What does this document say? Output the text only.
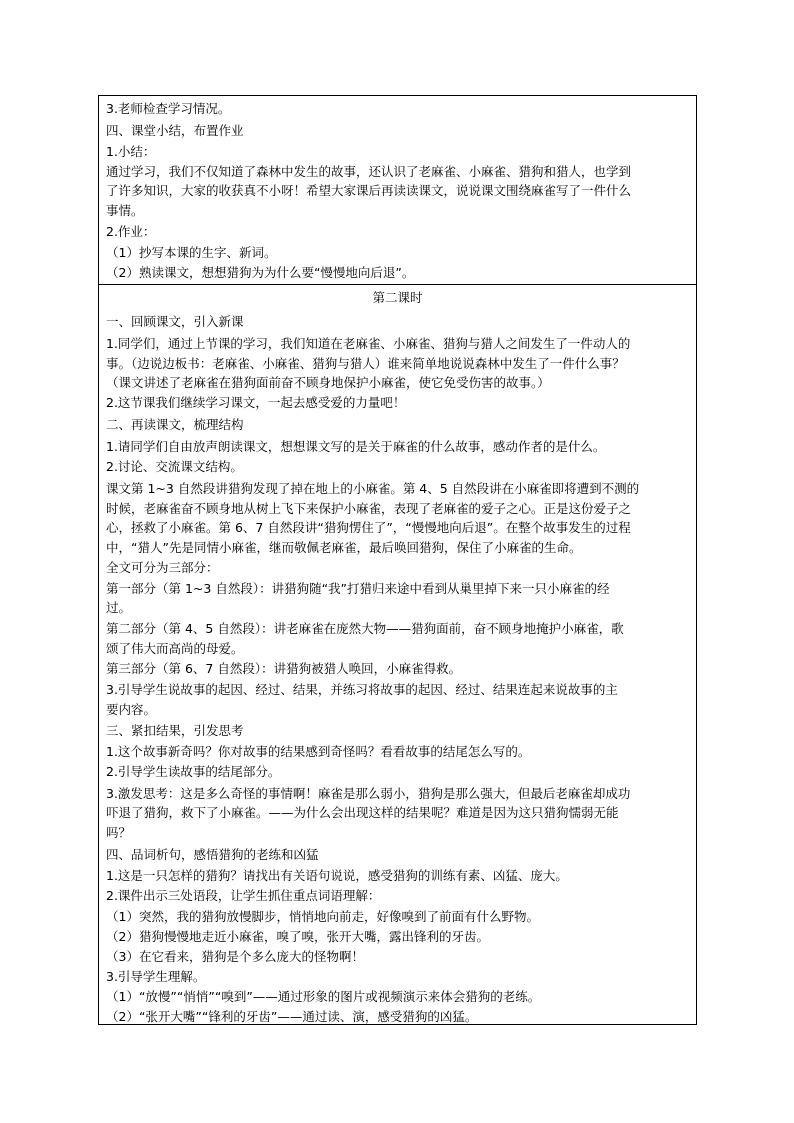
3.老师检查学习情况。
四、课堂小结，布置作业
1.小结：
通过学习，我们不仅知道了森林中发生的故事，还认识了老麻雀、小麻雀、猎狗和猎人，也学到
了许多知识，大家的收获真不小呀！希望大家课后再读读课文，说说课文围绕麻雀写了一件什么
事情。
2.作业：
（1）抄写本课的生字、新词。
（2）熟读课文，想想猎狗为为什么要“慢慢地向后退”。
第二课时
一、回顾课文，引入新课
1.同学们，通过上节课的学习，我们知道在老麻雀、小麻雀、猎狗与猎人之间发生了一件动人的
事。（边说边板书：老麻雀、小麻雀、猎狗与猎人）谁来简单地说说森林中发生了一件什么事？
（课文讲述了老麻雀在猎狗面前奋不顾身地保护小麻雀，使它免受伤害的故事。）
2.这节课我们继续学习课文，一起去感受爱的力量吧！
二、再读课文，梳理结构
1.请同学们自由放声朗读课文，想想课文写的是关于麻雀的什么故事，感动作者的是什么。
2.讨论、交流课文结构。
课文第 1~3 自然段讲猎狗发现了掉在地上的小麻雀。第 4、5 自然段讲在小麻雀即将遭到不测的
时候，老麻雀奋不顾身地从树上飞下来保护小麻雀，表现了老麻雀的爱子之心。正是这份爱子之
心，拯救了小麻雀。第 6、7 自然段讲“猎狗愣住了”，“慢慢地向后退”。在整个故事发生的过程
中，“猎人”先是同情小麻雀，继而敬佩老麻雀，最后唤回猎狗，保住了小麻雀的生命。
全文可分为三部分：
第一部分（第 1~3 自然段）：讲猎狗随“我”打猎归来途中看到从巢里掉下来一只小麻雀的经
过。
第二部分（第 4、5 自然段）：讲老麻雀在庞然大物——猎狗面前，奋不顾身地掩护小麻雀，歌
颂了伟大而高尚的母爱。
第三部分（第 6、7 自然段）：讲猎狗被猎人唤回，小麻雀得救。
3.引导学生说故事的起因、经过、结果，并练习将故事的起因、经过、结果连起来说故事的主
要内容。
三、紧扣结果，引发思考
1.这个故事新奇吗？你对故事的结果感到奇怪吗？看看故事的结尾怎么写的。
2.引导学生读故事的结尾部分。
3.激发思考：这是多么奇怪的事情啊！麻雀是那么弱小，猎狗是那么强大，但最后老麻雀却成功
吓退了猎狗，救下了小麻雀。——为什么会出现这样的结果呢？难道是因为这只猎狗懦弱无能
吗？
四、品词析句，感悟猎狗的老练和凶猛
1.这是一只怎样的猎狗？请找出有关语句说说，感受猎狗的训练有素、凶猛、庞大。
2.课件出示三处语段，让学生抓住重点词语理解：
（1）突然，我的猎狗放慢脚步，悄悄地向前走，好像嗅到了前面有什么野物。
（2）猎狗慢慢地走近小麻雀，嗅了嗅，张开大嘴，露出锋利的牙齿。
（3）在它看来，猎狗是个多么庞大的怪物啊！
3.引导学生理解。
（1）“放慢”“悄悄”“嗅到”——通过形象的图片或视频演示来体会猎狗的老练。
（2）“张开大嘴”“锋利的牙齿”——通过读、演，感受猎狗的凶猛。
